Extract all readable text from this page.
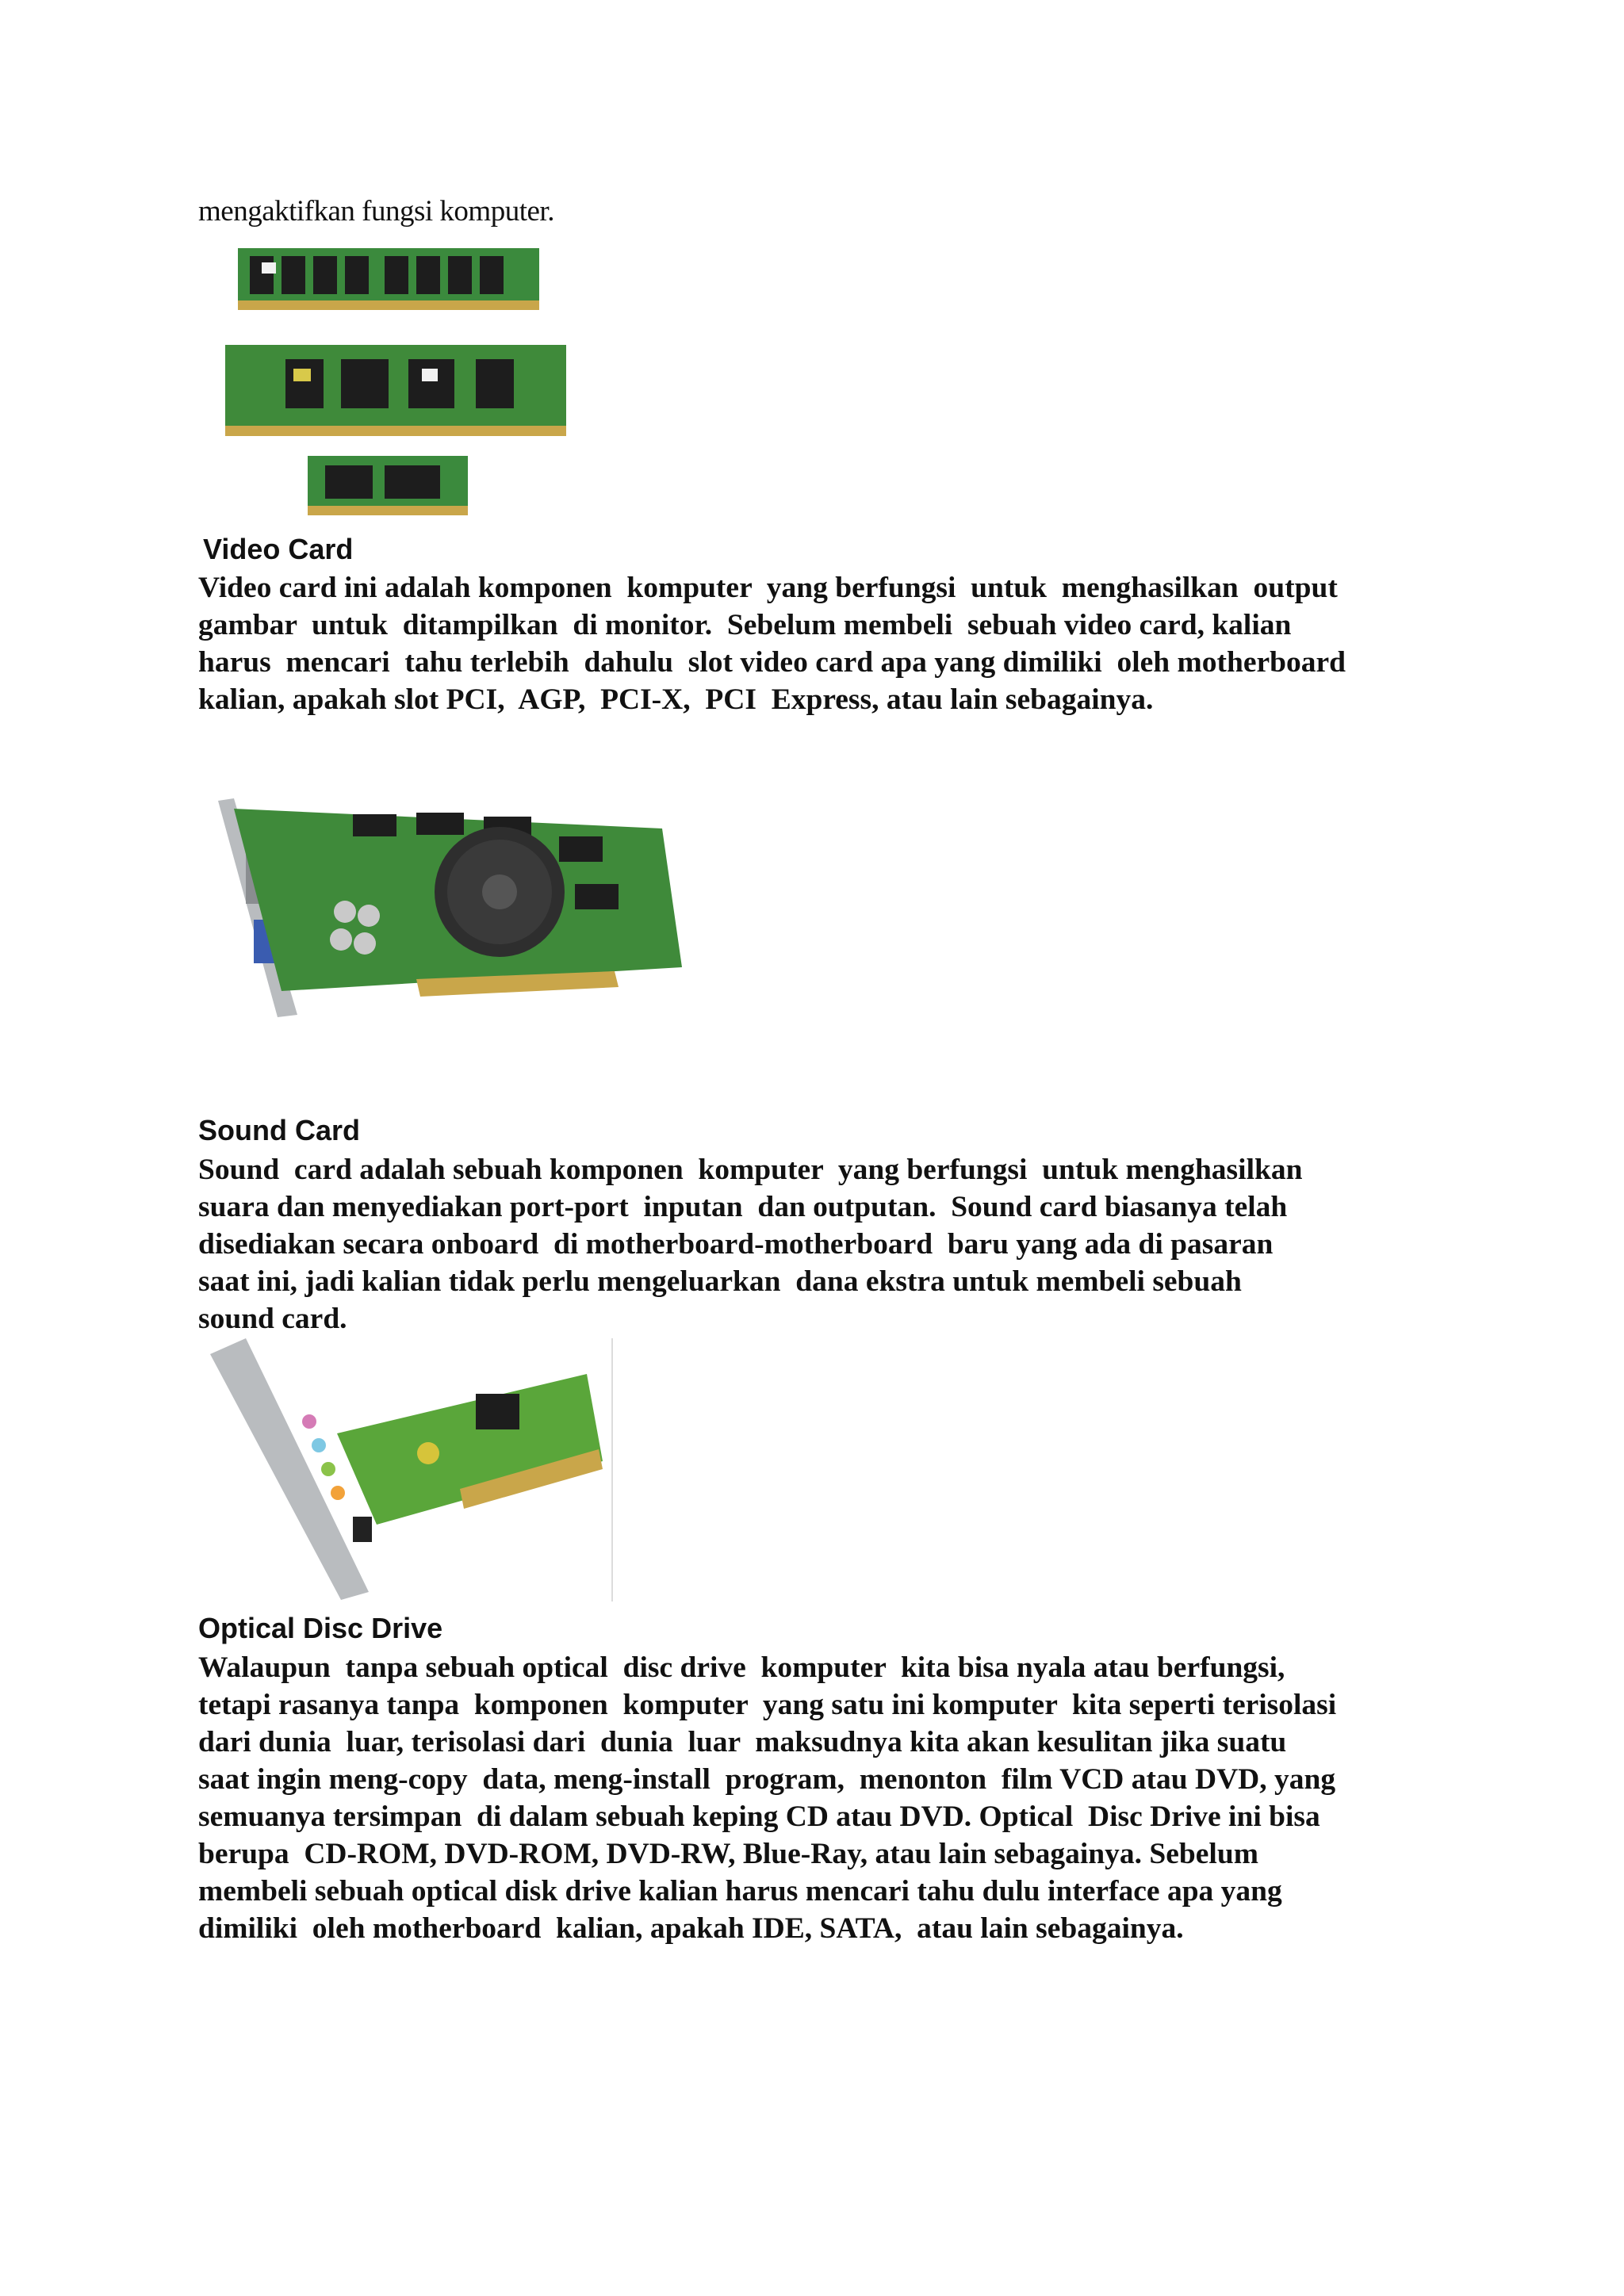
mengaktifkan fungsi komputer.
Video Card

Video card ini adalah komponen  komputer  yang berfungsi  untuk  menghasilkan  output

gambar  untuk  ditampilkan  di monitor.  Sebelum membeli  sebuah video card, kalian

harus  mencari  tahu terlebih  dahulu  slot video card apa yang dimiliki  oleh motherboard

kalian, apakah slot PCI,  AGP,  PCI-X,  PCI  Express, atau lain sebagainya.

Sound Card

Sound  card adalah sebuah komponen  komputer  yang berfungsi  untuk menghasilkan

suara dan menyediakan port-port  inputan  dan outputan.  Sound card biasanya telah

disediakan secara onboard  di motherboard-motherboard  baru yang ada di pasaran

saat ini, jadi kalian tidak perlu mengeluarkan  dana ekstra untuk membeli sebuah

sound card.

Optical Disc Drive

Walaupun  tanpa sebuah optical  disc drive  komputer  kita bisa nyala atau berfungsi,

tetapi rasanya tanpa  komponen  komputer  yang satu ini komputer  kita seperti terisolasi

dari dunia  luar, terisolasi dari  dunia  luar  maksudnya kita akan kesulitan jika suatu

saat ingin meng-copy  data, meng-install  program,  menonton  film VCD atau DVD, yang

semuanya tersimpan  di dalam sebuah keping CD atau DVD. Optical  Disc Drive ini bisa

berupa  CD-ROM, DVD-ROM, DVD-RW, Blue-Ray, atau lain sebagainya. Sebelum

membeli sebuah optical disk drive kalian harus mencari tahu dulu interface apa yang

dimiliki  oleh motherboard  kalian, apakah IDE, SATA,  atau lain sebagainya.
